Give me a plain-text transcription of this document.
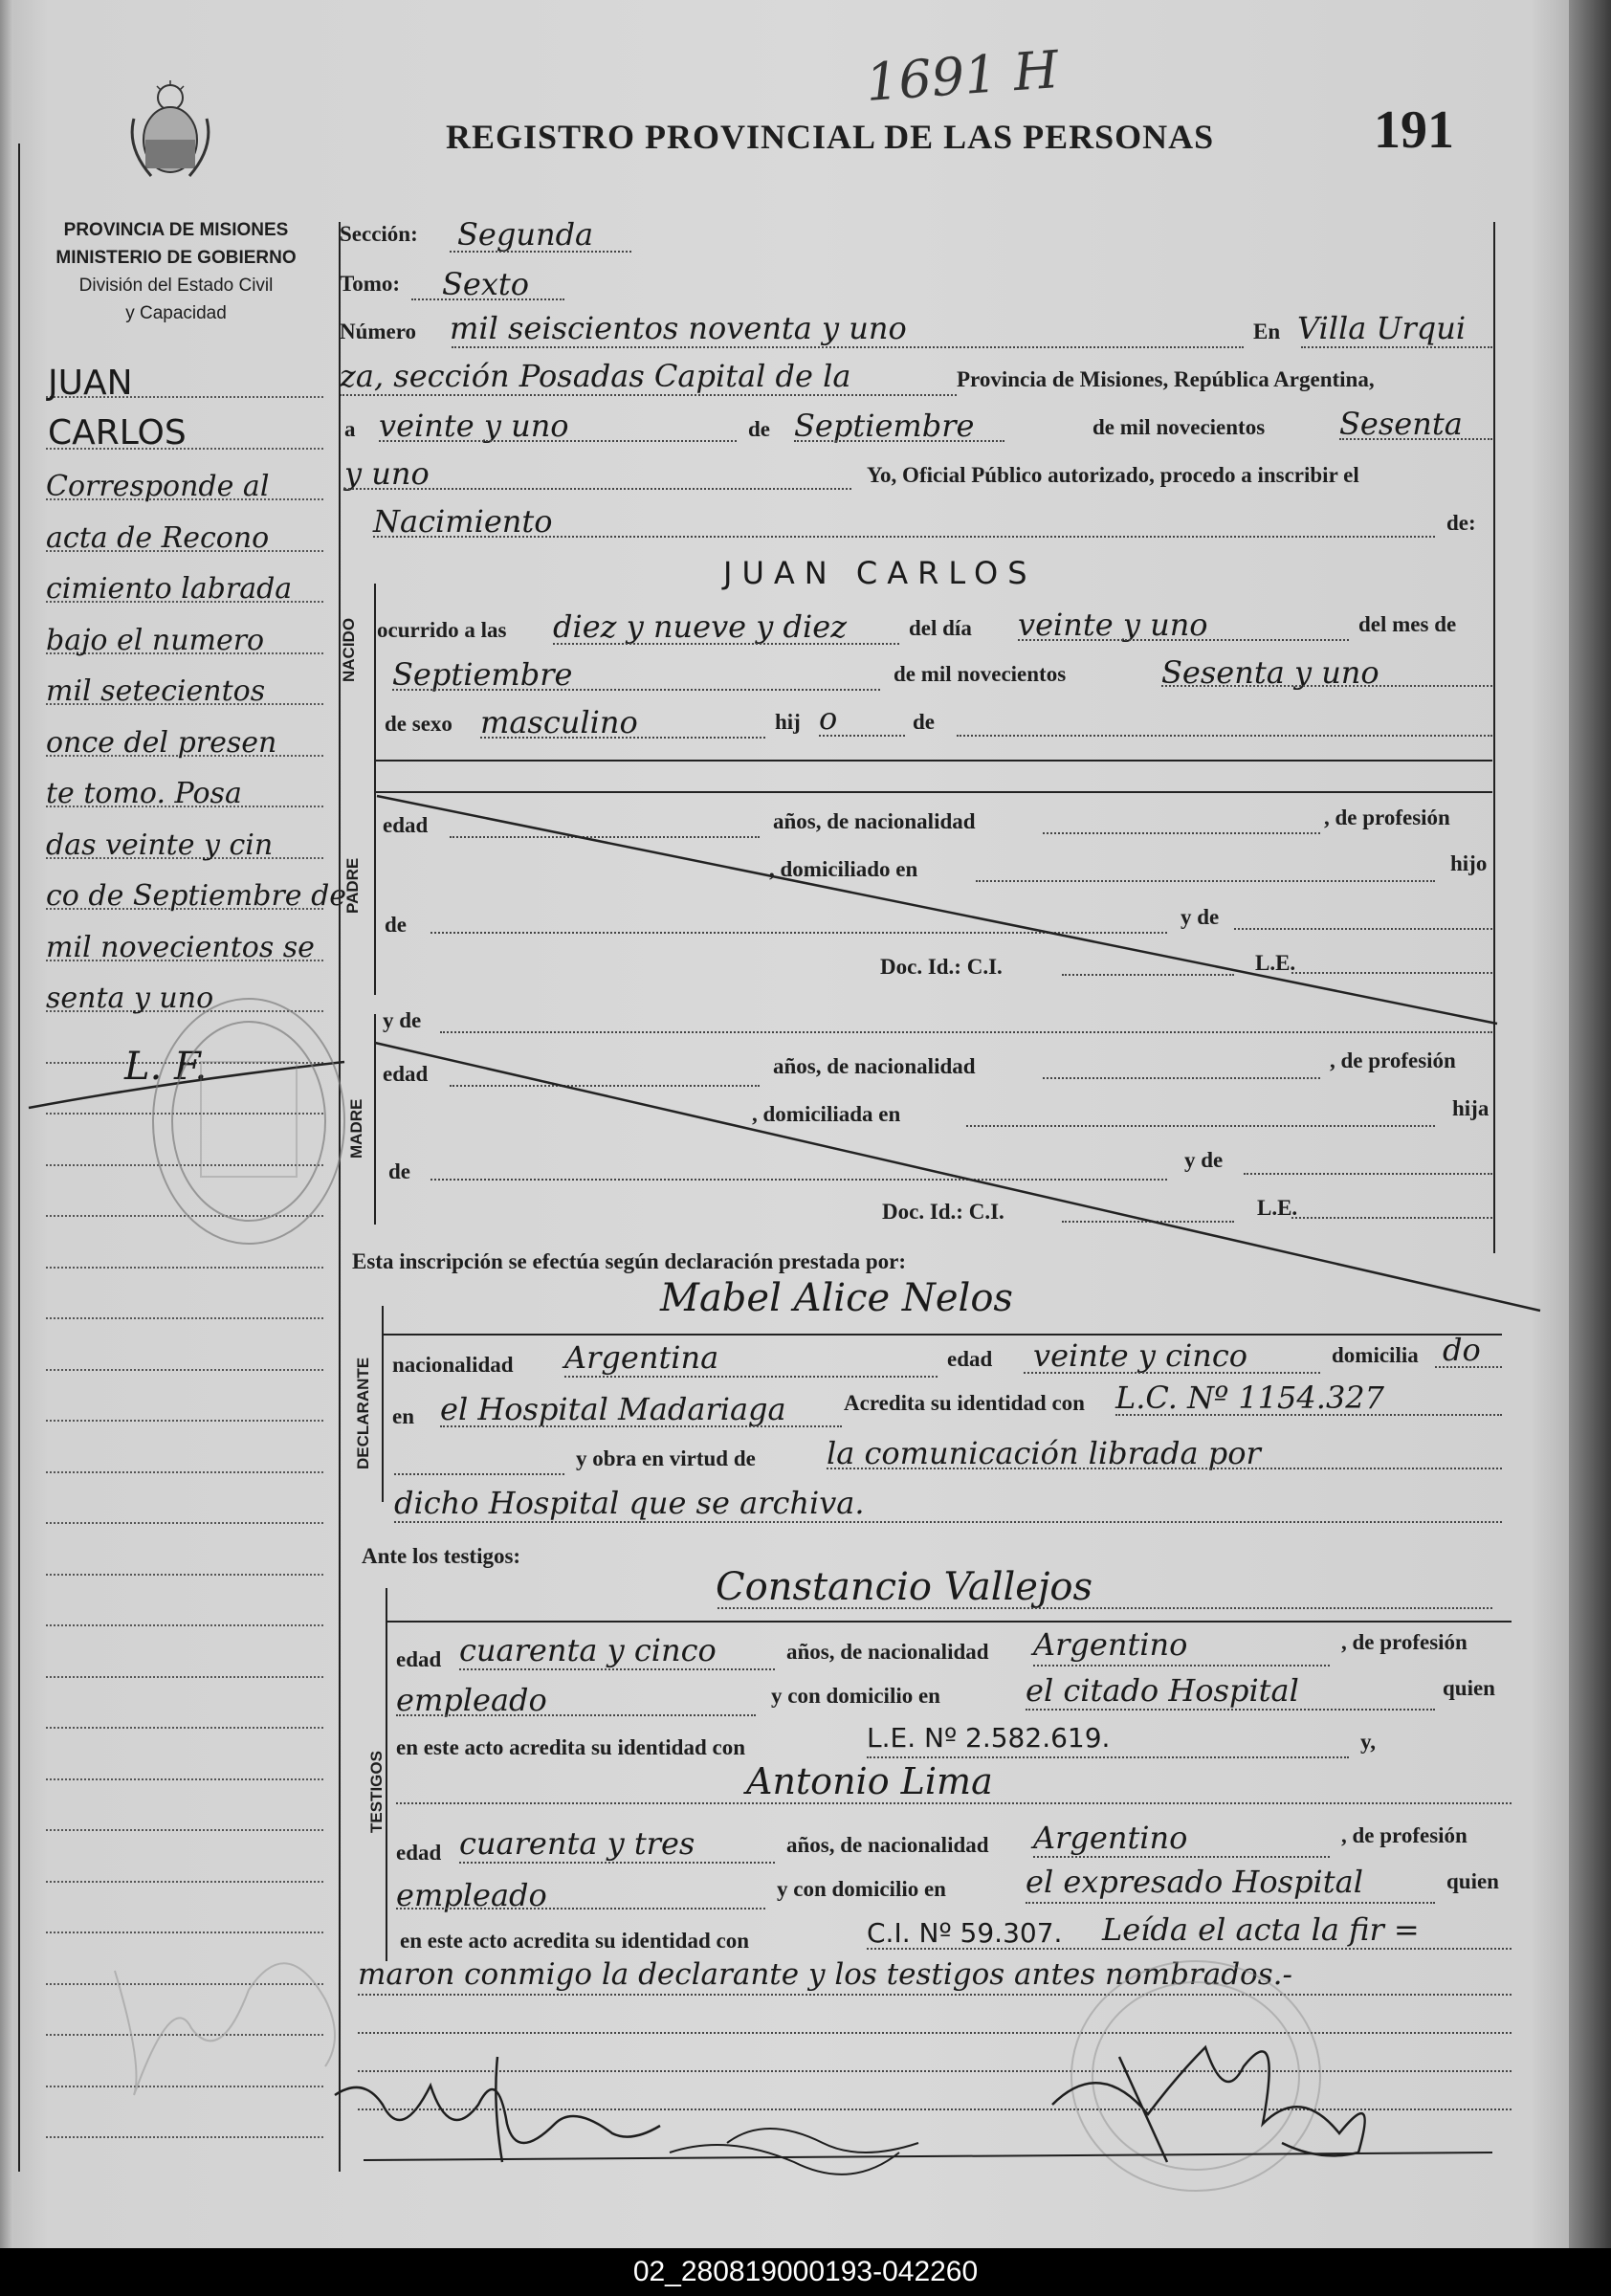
1691 H
REGISTRO PROVINCIAL DE LAS PERSONAS	191
PROVINCIA DE MISIONES
MINISTERIO DE GOBIERNO
División del Estado Civil
y Capacidad
JUAN
CARLOS
Corresponde al
acta de Recono
cimiento labrada
bajo el numero
mil setecientos
once del presen
te tomo. Posa
das veinte y cin
co de Septiembre de
mil novecientos se
senta y uno
L. F.
Sección: Segunda
Tomo: Sexto
Número mil seiscientos noventa y uno	En Villa Urqui
za, sección Posadas Capital de la	Provincia de Misiones, República Argentina,
a veinte y uno	de Septiembre	de mil novecientos Sesenta
y uno	Yo, Oficial Público autorizado, procedo a inscribir el
Nacimiento	de:
JUAN CARLOS
NACIDO ocurrido a las diez y nueve y diez	del día veinte y uno	del mes de
Septiembre	de mil novecientos	Sesenta y uno
de sexo masculino	hij o	de
PADRE
edad	años, de nacionalidad	, de profesión
, domiciliado en	hijo
de	y de
Doc. Id.: C.I.	L.E.
y de
MADRE
edad	años, de nacionalidad	, de profesión
, domiciliada en	hija
de	y de
Doc. Id.: C.I.	L.E.
Esta inscripción se efectúa según declaración prestada por:
Mabel Alice Nelos
DECLARANTE nacionalidad Argentina	edad veinte y cinco	domicilia do
en el Hospital Madariaga	Acredita su identidad con L.C. Nº 1154.327
y obra en virtud de la comunicación librada por
dicho Hospital que se archiva.
Ante los testigos:
TESTIGOS
Constancio Vallejos
edad cuarenta y cinco	años, de nacionalidad Argentino	, de profesión
empleado	y con domicilio en	el citado Hospital	quien
en este acto acredita su identidad con	L.E. Nº 2.582.619.	y,
Antonio Lima
edad cuarenta y tres	años, de nacionalidad Argentino	, de profesión
empleado	y con domicilio en	el expresado Hospital	quien
en este acto acredita su identidad con	C.I. Nº 59.307. Leída el acta la fir =
maron conmigo la declarante y los testigos antes nombrados.-
02_280819000193-042260
